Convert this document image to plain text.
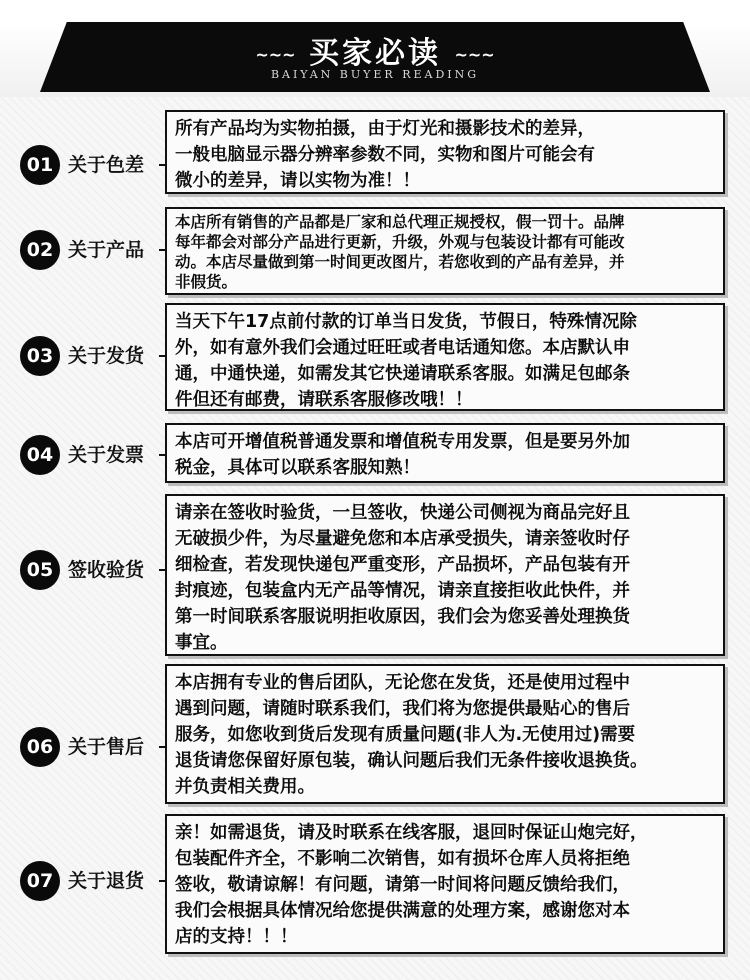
~~~ 买家必读 ~~~
BAIYAN BUYER READING
01 关于色差
所有产品均为实物拍摄，由于灯光和摄影技术的差异，
一般电脑显示器分辨率参数不同，实物和图片可能会有
微小的差异，请以实物为准！！
02 关于产品
本店所有销售的产品都是厂家和总代理正规授权，假一罚十。品牌
每年都会对部分产品进行更新，升级，外观与包装设计都有可能改
动。本店尽量做到第一时间更改图片，若您收到的产品有差异，并
非假货。
03 关于发货
当天下午17点前付款的订单当日发货，节假日，特殊情况除
外，如有意外我们会通过旺旺或者电话通知您。本店默认申
通，中通快递，如需发其它快递请联系客服。如满足包邮条
件但还有邮费，请联系客服修改哦！！
04 关于发票
本店可开增值税普通发票和增值税专用发票，但是要另外加
税金，具体可以联系客服知熟！
05 签收验货
请亲在签收时验货，一旦签收，快递公司侧视为商品完好且
无破损少件，为尽量避免您和本店承受损失，请亲签收时仔
细检查，若发现快递包严重变形，产品损坏，产品包装有开
封痕迹，包装盒内无产品等情况，请亲直接拒收此快件，并
第一时间联系客服说明拒收原因，我们会为您妥善处理换货
事宜。
06 关于售后
本店拥有专业的售后团队，无论您在发货，还是使用过程中
遇到问题，请随时联系我们，我们将为您提供最贴心的售后
服务，如您收到货后发现有质量问题(非人为.无使用过)需要
退货请您保留好原包装，确认问题后我们无条件接收退换货。
并负责相关费用。
07 关于退货
亲！如需退货，请及时联系在线客服，退回时保证山炮完好，
包装配件齐全，不影响二次销售，如有损坏仓库人员将拒绝
签收，敬请谅解！有问题，请第一时间将问题反馈给我们，
我们会根据具体情况给您提供满意的处理方案，感谢您对本
店的支持！！！
